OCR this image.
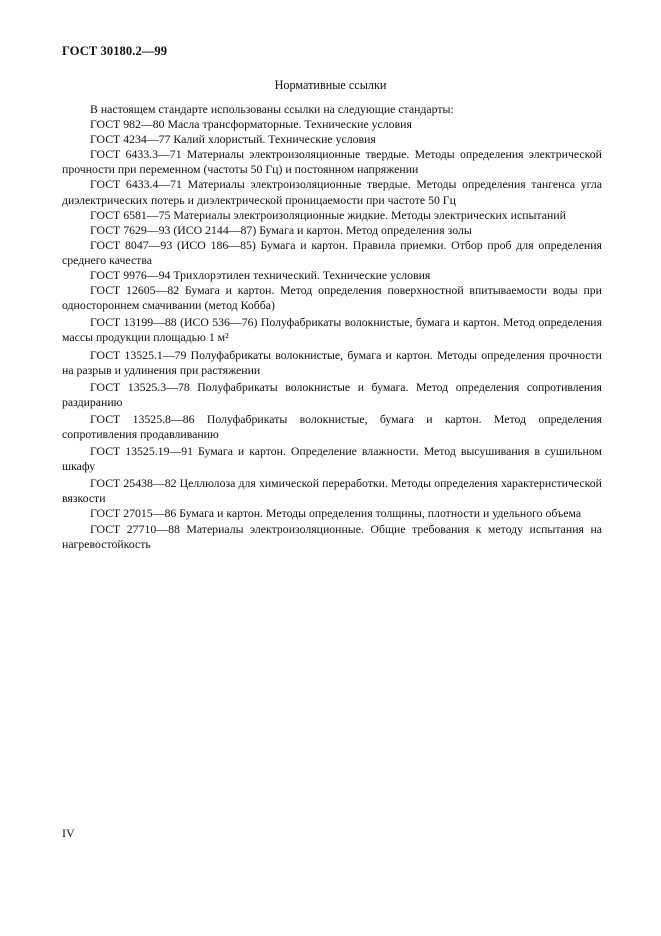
ГОСТ 30180.2—99
Нормативные ссылки

В настоящем стандарте использованы ссылки на следующие стандарты:

ГОСТ 982—80 Масла трансформаторные. Технические условия

ГОСТ 4234—77 Калий хлористый. Технические условия

ГОСТ 6433.3—71 Материалы электроизоляционные твердые. Методы определения электрической прочности при переменном (частоты 50 Гц) и постоянном напряжении

ГОСТ 6433.4—71 Материалы электроизоляционные твердые. Методы определения тангенса угла диэлектрических потерь и диэлектрической проницаемости при частоте 50 Гц

ГОСТ 6581—75 Материалы электроизоляционные жидкие. Методы электрических испытаний

ГОСТ 7629—93 (ИСО 2144—87) Бумага и картон. Метод определения золы

ГОСТ 8047—93 (ИСО 186—85) Бумага и картон. Правила приемки. Отбор проб для определения среднего качества

ГОСТ 9976—94 Трихлорэтилен технический. Технические условия

ГОСТ 12605—82 Бумага и картон. Метод определения поверхностной впитываемости воды при одностороннем смачивании (метод Кобба)

ГОСТ 13199—88 (ИСО 536—76) Полуфабрикаты волокнистые, бумага и картон. Метод определения массы продукции площадью 1 м²

ГОСТ 13525.1—79 Полуфабрикаты волокнистые, бумага и картон. Методы определения прочности на разрыв и удлинения при растяжении

ГОСТ 13525.3—78 Полуфабрикаты волокнистые и бумага. Метод определения сопротивления раздиранию

ГОСТ 13525.8—86 Полуфабрикаты волокнистые, бумага и картон. Метод определения сопротивления продавливанию

ГОСТ 13525.19—91 Бумага и картон. Определение влажности. Метод высушивания в сушильном шкафу

ГОСТ 25438—82 Целлюлоза для химической переработки. Методы определения характеристической вязкости

ГОСТ 27015—86 Бумага и картон. Методы определения толщины, плотности и удельного объема

ГОСТ 27710—88 Материалы электроизоляционные. Общие требования к методу испытания на нагревостойкость

IV
